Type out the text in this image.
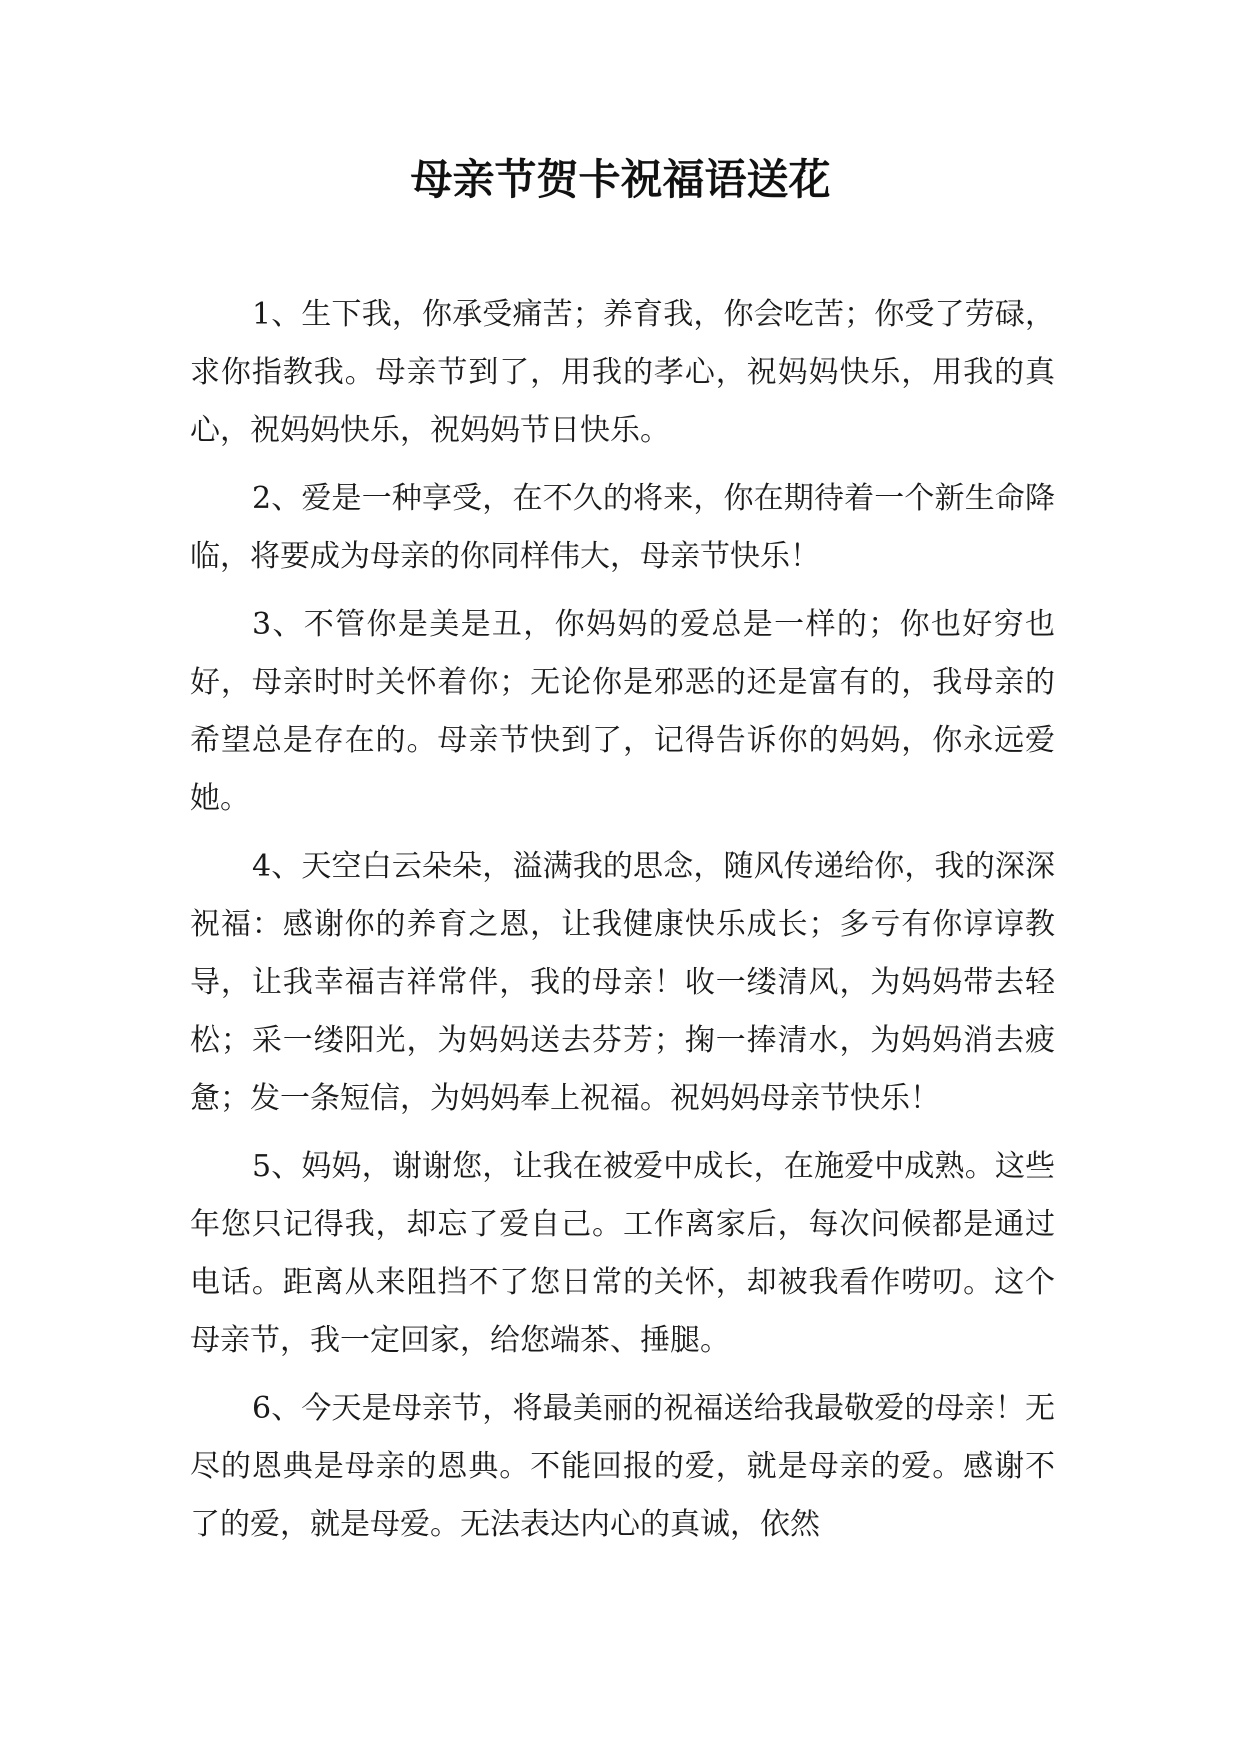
母亲节贺卡祝福语送花

1、生下我，你承受痛苦；养育我，你会吃苦；你受了劳碌，求你指教我。母亲节到了，用我的孝心，祝妈妈快乐，用我的真心，祝妈妈快乐，祝妈妈节日快乐。

2、爱是一种享受，在不久的将来，你在期待着一个新生命降临，将要成为母亲的你同样伟大，母亲节快乐！

3、不管你是美是丑，你妈妈的爱总是一样的；你也好穷也好，母亲时时关怀着你；无论你是邪恶的还是富有的，我母亲的希望总是存在的。母亲节快到了，记得告诉你的妈妈，你永远爱她。

4、天空白云朵朵，溢满我的思念，随风传递给你，我的深深祝福：感谢你的养育之恩，让我健康快乐成长；多亏有你谆谆教导，让我幸福吉祥常伴，我的母亲！收一缕清风，为妈妈带去轻松；采一缕阳光，为妈妈送去芬芳；掬一捧清水，为妈妈消去疲惫；发一条短信，为妈妈奉上祝福。祝妈妈母亲节快乐！

5、妈妈，谢谢您，让我在被爱中成长，在施爱中成熟。这些年您只记得我，却忘了爱自己。工作离家后，每次问候都是通过电话。距离从来阻挡不了您日常的关怀，却被我看作唠叨。这个母亲节，我一定回家，给您端茶、捶腿。

6、今天是母亲节，将最美丽的祝福送给我最敬爱的母亲！无尽的恩典是母亲的恩典。不能回报的爱，就是母亲的爱。感谢不了的爱，就是母爱。无法表达内心的真诚，依然
